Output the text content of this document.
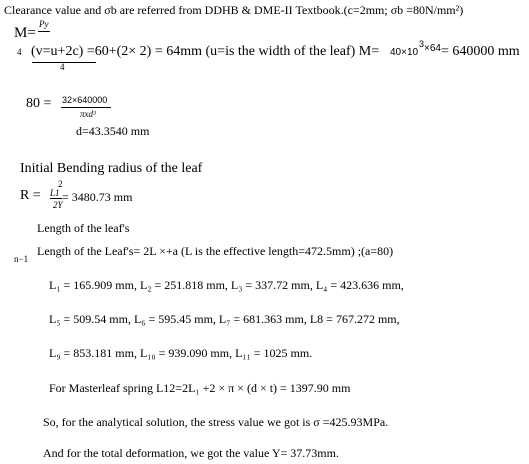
Clearance value and σb are referred from DDHB & DME-II Textbook.(c=2mm; σb =80N/mm²)
M=
Py
4 (v=u+2c) =60+(2× 2) = 64mm (u=is the width of the leaf) M=
4
40×10
3 ×64 = 640000 mm
80 = 32×640000
πxd³
d=43.3540 mm
Initial Bending radius of the leaf
2
R = L1 = 3480.73 mm
2Y
Length of the leaf's
Length of the Leaf's= 2L ×+a (L is the effective length=472.5mm) ;(a=80)
n−1
L₁ = 165.909 mm, L₂ = 251.818 mm, L₃ = 337.72 mm, L₄ = 423.636 mm,
L₅ = 509.54 mm, L₆ = 595.45 mm, L₇ = 681.363 mm, L8 = 767.272 mm,
L₉ = 853.181 mm, L₁₀ = 939.090 mm, L₁₁ = 1025 mm.
For Masterleaf spring L12=2L₁ +2 × π × (d × t) = 1397.90 mm
So, for the analytical solution, the stress value we got is σ =425.93MPa.
And for the total deformation, we got the value Y= 37.73mm.
